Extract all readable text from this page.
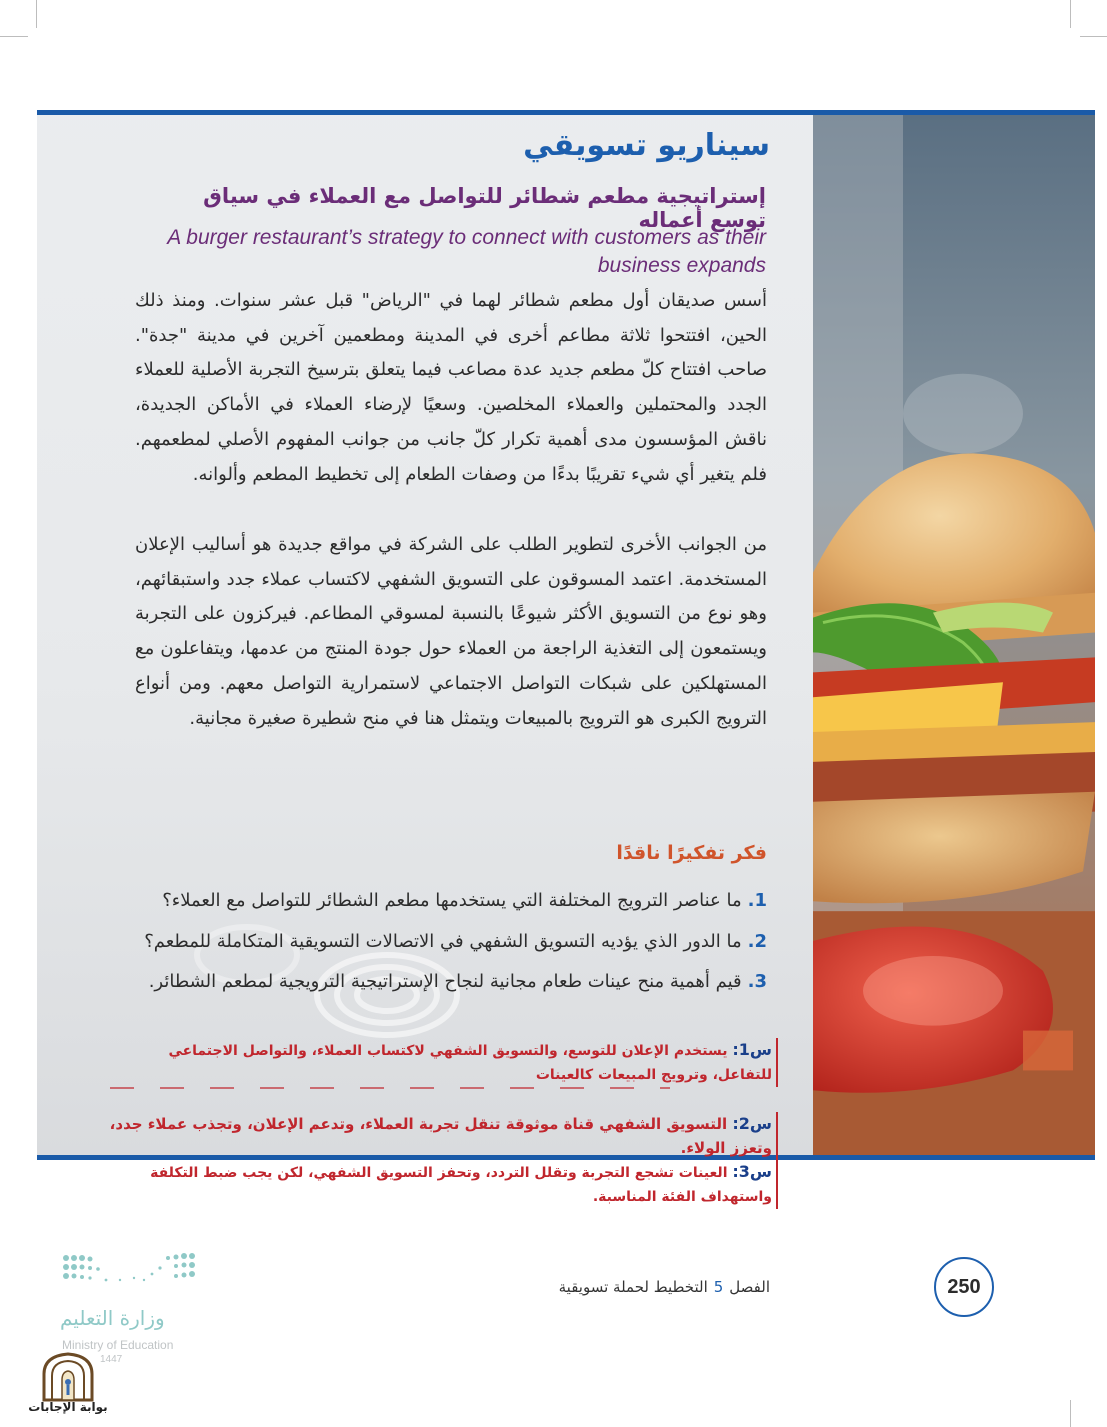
سيناريو تسويقي

إستراتيجية مطعم شطائر للتواصل مع العملاء في سياق توسع أعماله

A burger restaurant’s strategy to connect with customers as their business expands

أسس صديقان أول مطعم شطائر لهما في "الرياض" قبل عشر سنوات. ومنذ ذلك الحين، افتتحوا ثلاثة مطاعم أخرى في المدينة ومطعمين آخرين في مدينة "جدة". صاحب افتتاح كلّ مطعم جديد عدة مصاعب فيما يتعلق بترسيخ التجربة الأصلية للعملاء الجدد والمحتملين والعملاء المخلصين. وسعيًا لإرضاء العملاء في الأماكن الجديدة، ناقش المؤسسون مدى أهمية تكرار كلّ جانب من جوانب المفهوم الأصلي لمطعمهم. فلم يتغير أي شيء تقريبًا بدءًا من وصفات الطعام إلى تخطيط المطعم وألوانه.

من الجوانب الأخرى لتطوير الطلب على الشركة في مواقع جديدة هو أساليب الإعلان المستخدمة. اعتمد المسوقون على التسويق الشفهي لاكتساب عملاء جدد واستبقائهم، وهو نوع من التسويق الأكثر شيوعًا بالنسبة لمسوقي المطاعم. فيركزون على التجربة ويستمعون إلى التغذية الراجعة من العملاء حول جودة المنتج من عدمها، ويتفاعلون مع المستهلكين على شبكات التواصل الاجتماعي لاستمرارية التواصل معهم. ومن أنواع الترويج الكبرى هو الترويج بالمبيعات ويتمثل هنا في منح شطيرة صغيرة مجانية.

فكر تفكيرًا ناقدًا

1.ما عناصر الترويج المختلفة التي يستخدمها مطعم الشطائر للتواصل مع العملاء؟

2.ما الدور الذي يؤديه التسويق الشفهي في الاتصالات التسويقية المتكاملة للمطعم؟

3.قيم أهمية منح عينات طعام مجانية لنجاح الإستراتيجية الترويجية لمطعم الشطائر.

س1: يستخدم الإعلان للتوسع، والتسويق الشفهي لاكتساب العملاء، والتواصل الاجتماعي للتفاعل، وترويج المبيعات كالعينات

س2: التسويق الشفهي قناة موثوقة تنقل تجربة العملاء، وتدعم الإعلان، وتجذب عملاء جدد، وتعزز الولاء.

س3: العينات تشجع التجربة وتقلل التردد، وتحفز التسويق الشفهي، لكن يجب ضبط التكلفة واستهداف الفئة المناسبة.

250

الفصل5التخطيط لحملة تسويقية

وزارة التعليم

Ministry of Education

1447

بوابة الإجابات
